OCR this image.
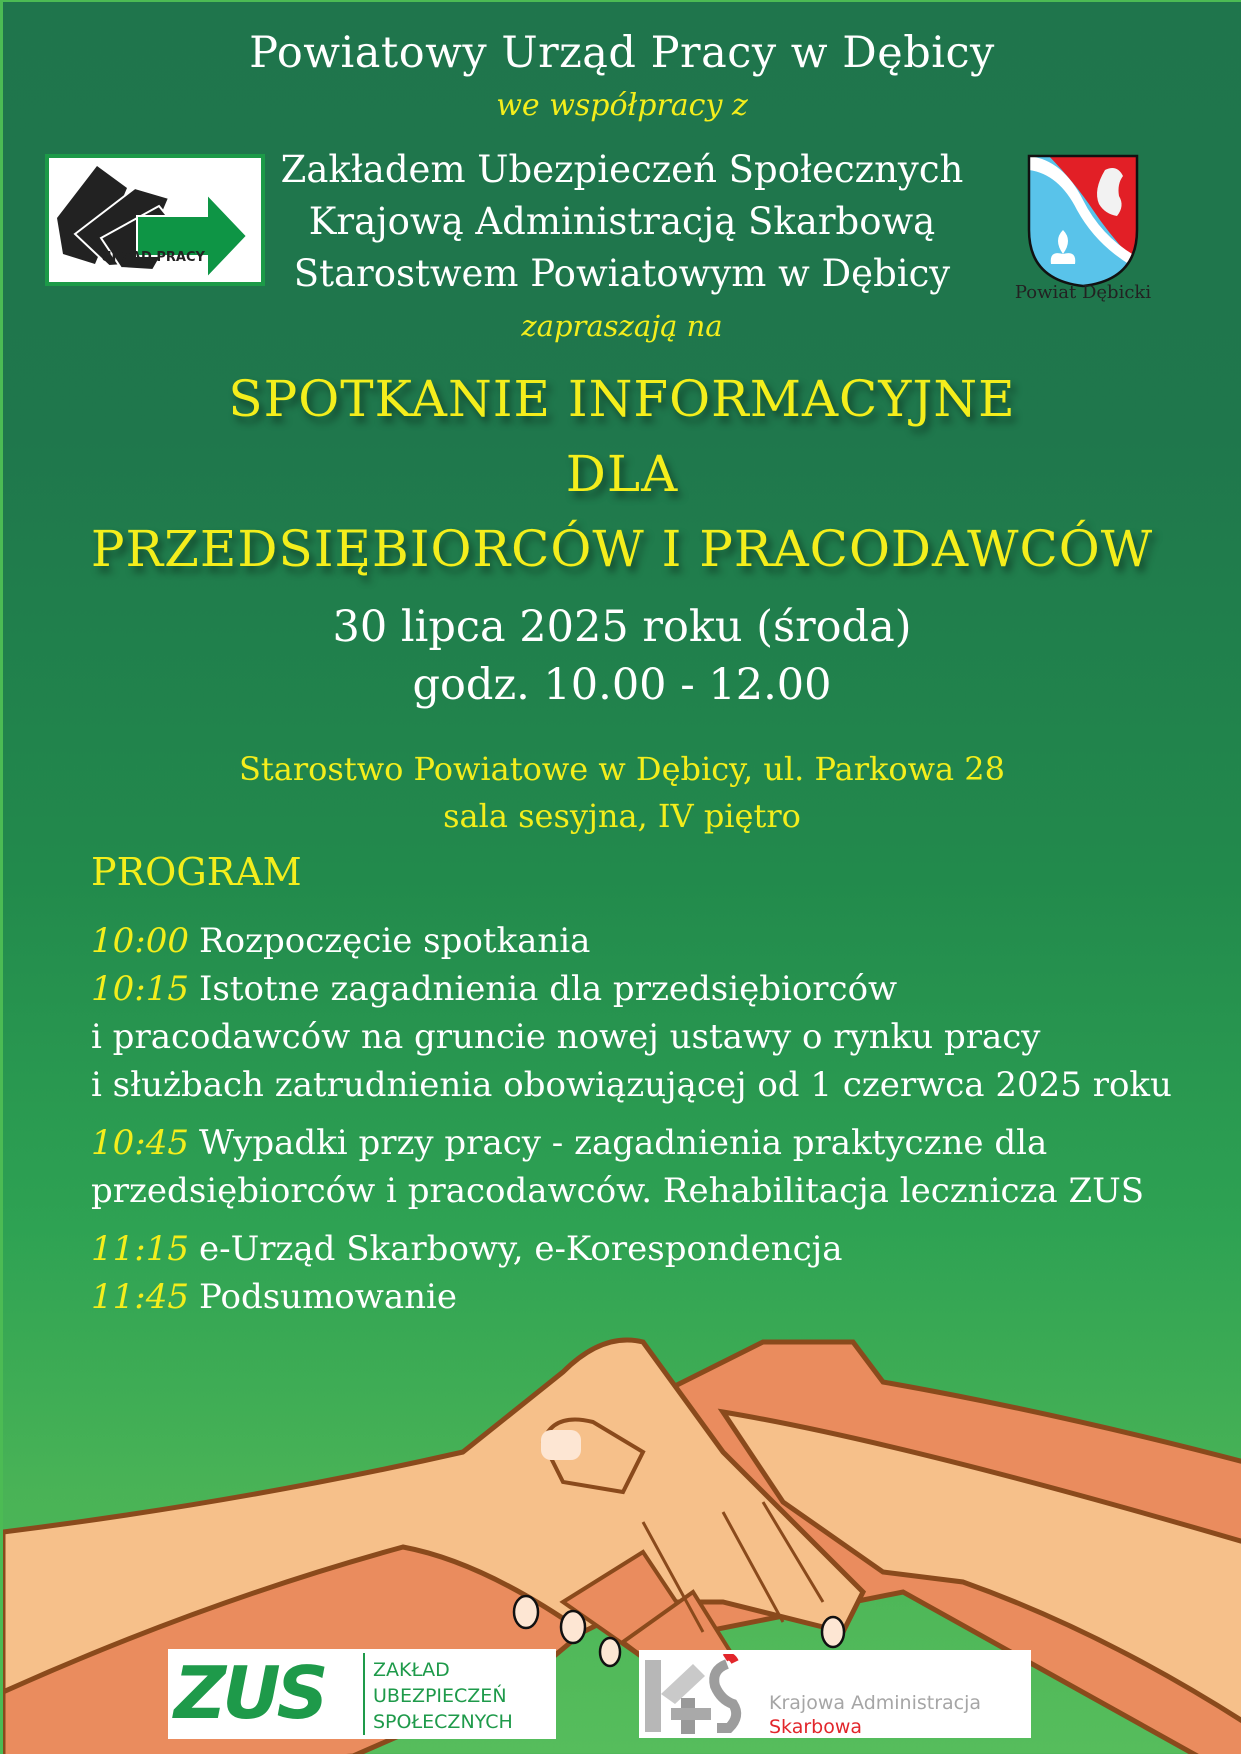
Powiatowy Urząd Pracy w Dębicy
we współpracy z
Zakładem Ubezpieczeń Społecznych
Krajową Administracją Skarbową
Starostwem Powiatowym w Dębicy
zapraszają na
URZĄD PRACY
Powiat Dębicki
SPOTKANIE INFORMACYJNE
DLA
PRZEDSIĘBIORCÓW I PRACODAWCÓW
30 lipca 2025 roku (środa)
godz. 10.00 - 12.00
Starostwo Powiatowe w Dębicy, ul. Parkowa 28
sala sesyjna, IV piętro
PROGRAM
10:00 Rozpoczęcie spotkania
10:15 Istotne zagadnienia dla przedsiębiorców
i pracodawców na gruncie nowej ustawy o rynku pracy
i służbach zatrudnienia obowiązującej od 1 czerwca 2025 roku
10:45 Wypadki przy pracy - zagadnienia praktyczne dla
przedsiębiorców i pracodawców. Rehabilitacja lecznicza ZUS
11:15 e-Urząd Skarbowy, e-Korespondencja
11:45 Podsumowanie
ZUS	ZAKŁAD
UBEZPIECZEŃ
SPOŁECZNYCH
Krajowa Administracja
Skarbowa
